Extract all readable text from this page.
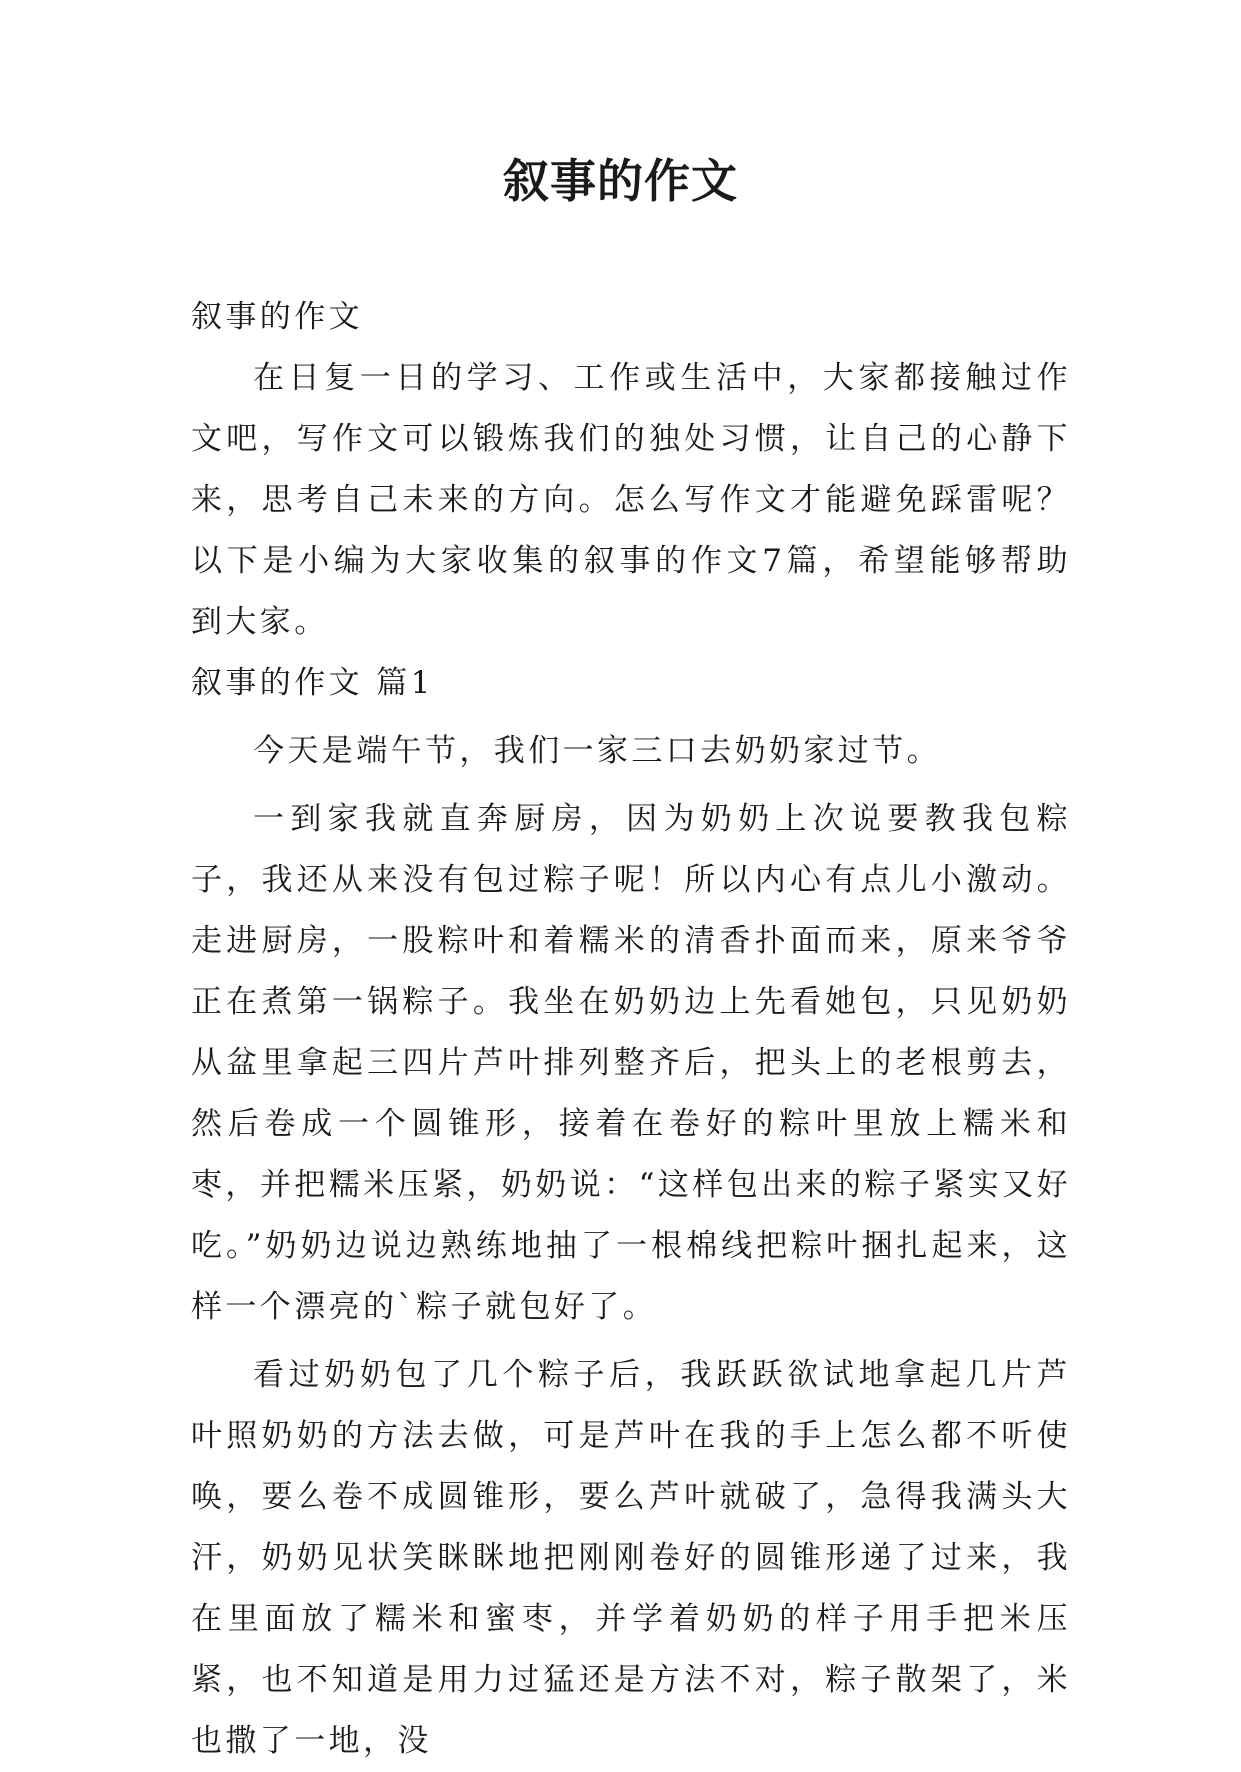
叙事的作文

叙事的作文

在日复一日的学习、工作或生活中，大家都接触过作文吧，写作文可以锻炼我们的独处习惯，让自己的心静下来，思考自己未来的方向。怎么写作文才能避免踩雷呢？以下是小编为大家收集的叙事的作文7篇，希望能够帮助到大家。

叙事的作文 篇1

今天是端午节，我们一家三口去奶奶家过节。

一到家我就直奔厨房，因为奶奶上次说要教我包粽子，我还从来没有包过粽子呢！所以内心有点儿小激动。走进厨房，一股粽叶和着糯米的清香扑面而来，原来爷爷正在煮第一锅粽子。我坐在奶奶边上先看她包，只见奶奶从盆里拿起三四片芦叶排列整齐后，把头上的老根剪去，然后卷成一个圆锥形，接着在卷好的粽叶里放上糯米和枣，并把糯米压紧，奶奶说：“这样包出来的粽子紧实又好吃。”奶奶边说边熟练地抽了一根棉线把粽叶捆扎起来，这样一个漂亮的`粽子就包好了。

看过奶奶包了几个粽子后，我跃跃欲试地拿起几片芦叶照奶奶的方法去做，可是芦叶在我的手上怎么都不听使唤，要么卷不成圆锥形，要么芦叶就破了，急得我满头大汗，奶奶见状笑眯眯地把刚刚卷好的圆锥形递了过来，我在里面放了糯米和蜜枣，并学着奶奶的样子用手把米压紧，也不知道是用力过猛还是方法不对，粽子散架了，米也撒了一地，没
